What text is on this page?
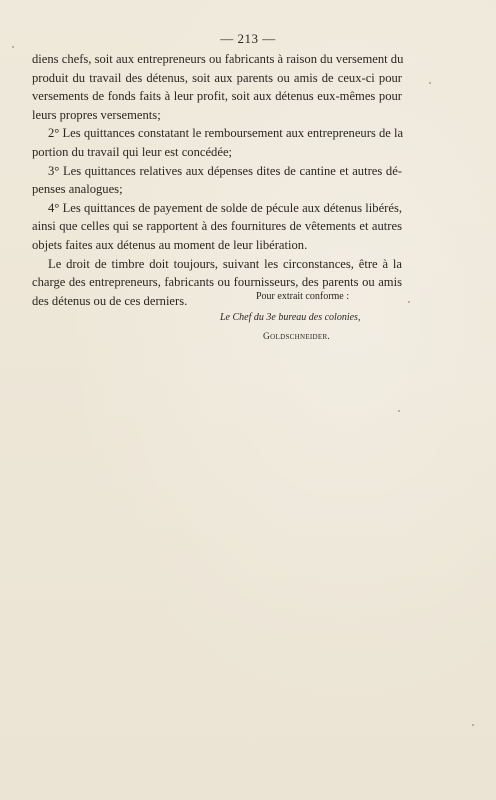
— 213 —
diens chefs, soit aux entrepreneurs ou fabricants à raison du versement du
produit du travail des détenus, soit aux parents ou amis de ceux-ci pour
versements de fonds faits à leur profit, soit aux détenus eux-mêmes pour
leurs propres versements;
2° Les quittances constatant le remboursement aux entrepreneurs de la
portion du travail qui leur est concédée;
3° Les quittances relatives aux dépenses dites de cantine et autres dé-
penses analogues;
4° Les quittances de payement de solde de pécule aux détenus libérés,
ainsi que celles qui se rapportent à des fournitures de vêtements et autres
objets faites aux détenus au moment de leur libération.
Le droit de timbre doit toujours, suivant les circonstances, être à la
charge des entrepreneurs, fabricants ou fournisseurs, des parents ou amis
des détenus ou de ces derniers.	Pour extrait conforme :
Le Chef du 3e bureau des colonies,
Goldschneider.
